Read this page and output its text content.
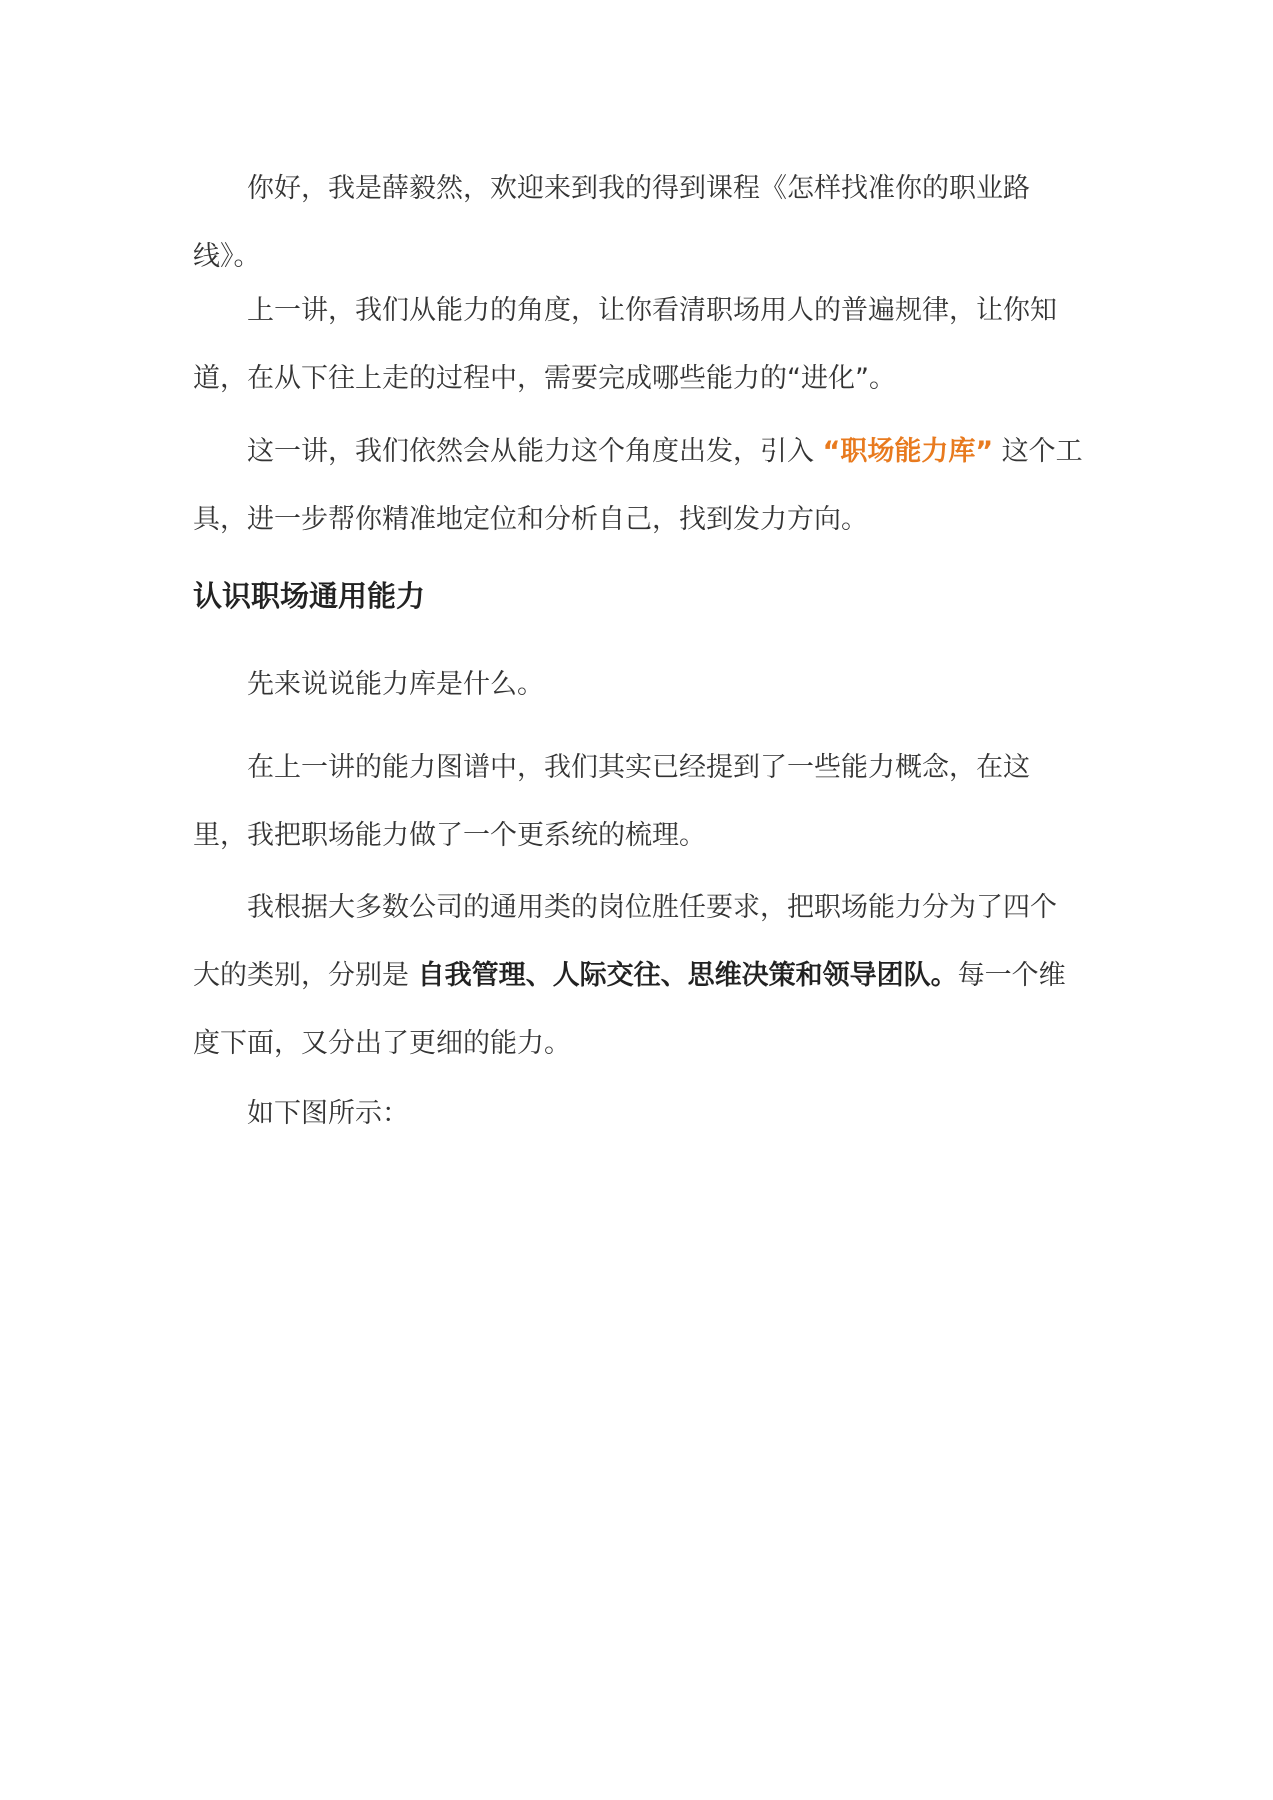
你好，我是薛毅然，欢迎来到我的得到课程《怎样找准你的职业路线》。

上一讲，我们从能力的角度，让你看清职场用人的普遍规律，让你知道，在从下往上走的过程中，需要完成哪些能力的“进化”。

这一讲，我们依然会从能力这个角度出发，引入 “职场能力库” 这个工具，进一步帮你精准地定位和分析自己，找到发力方向。

认识职场通用能力

先来说说能力库是什么。

在上一讲的能力图谱中，我们其实已经提到了一些能力概念，在这里，我把职场能力做了一个更系统的梳理。

我根据大多数公司的通用类的岗位胜任要求，把职场能力分为了四个大的类别，分别是 自我管理、人际交往、思维决策和领导团队。每一个维度下面，又分出了更细的能力。

如下图所示：
